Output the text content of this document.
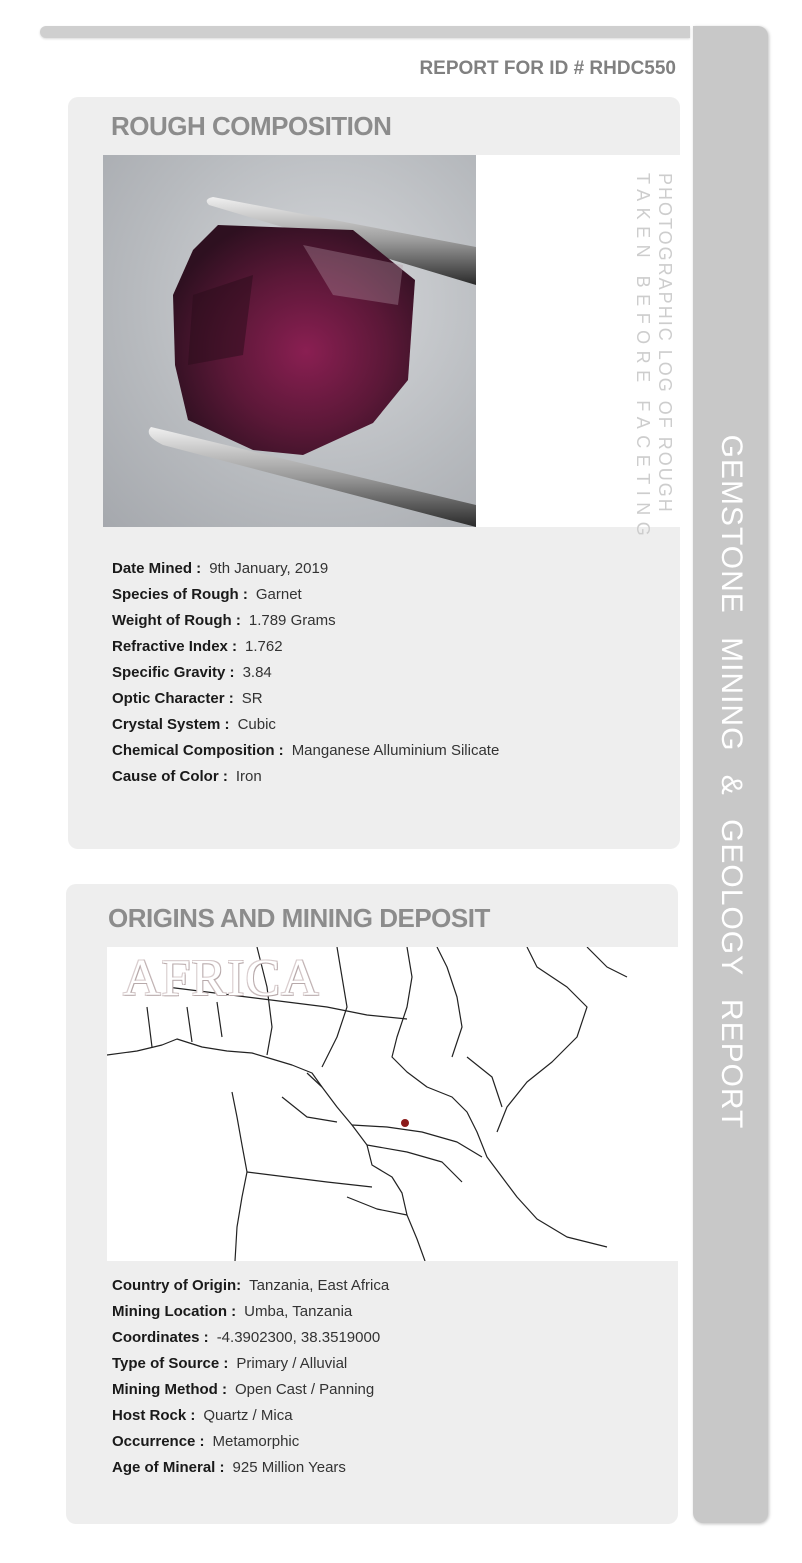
GEMSTONE MINING & GEOLOGY REPORT
REPORT FOR ID # RHDC550
ROUGH COMPOSITION
PHOTOGRAPHIC LOG OF ROUGH
TAKEN BEFORE FACETING
Date Mined : 9th January, 2019
Species of Rough : Garnet
Weight of Rough : 1.789 Grams
Refractive Index : 1.762
Specific Gravity : 3.84
Optic Character : SR
Crystal System : Cubic
Chemical Composition : Manganese Alluminium Silicate
Cause of Color : Iron
ORIGINS AND MINING DEPOSIT
AFRICA
Country of Origin: Tanzania, East Africa
Mining Location : Umba, Tanzania
Coordinates : -4.3902300, 38.3519000
Type of Source : Primary / Alluvial
Mining Method : Open Cast / Panning
Host Rock : Quartz / Mica
Occurrence : Metamorphic
Age of Mineral : 925 Million Years
